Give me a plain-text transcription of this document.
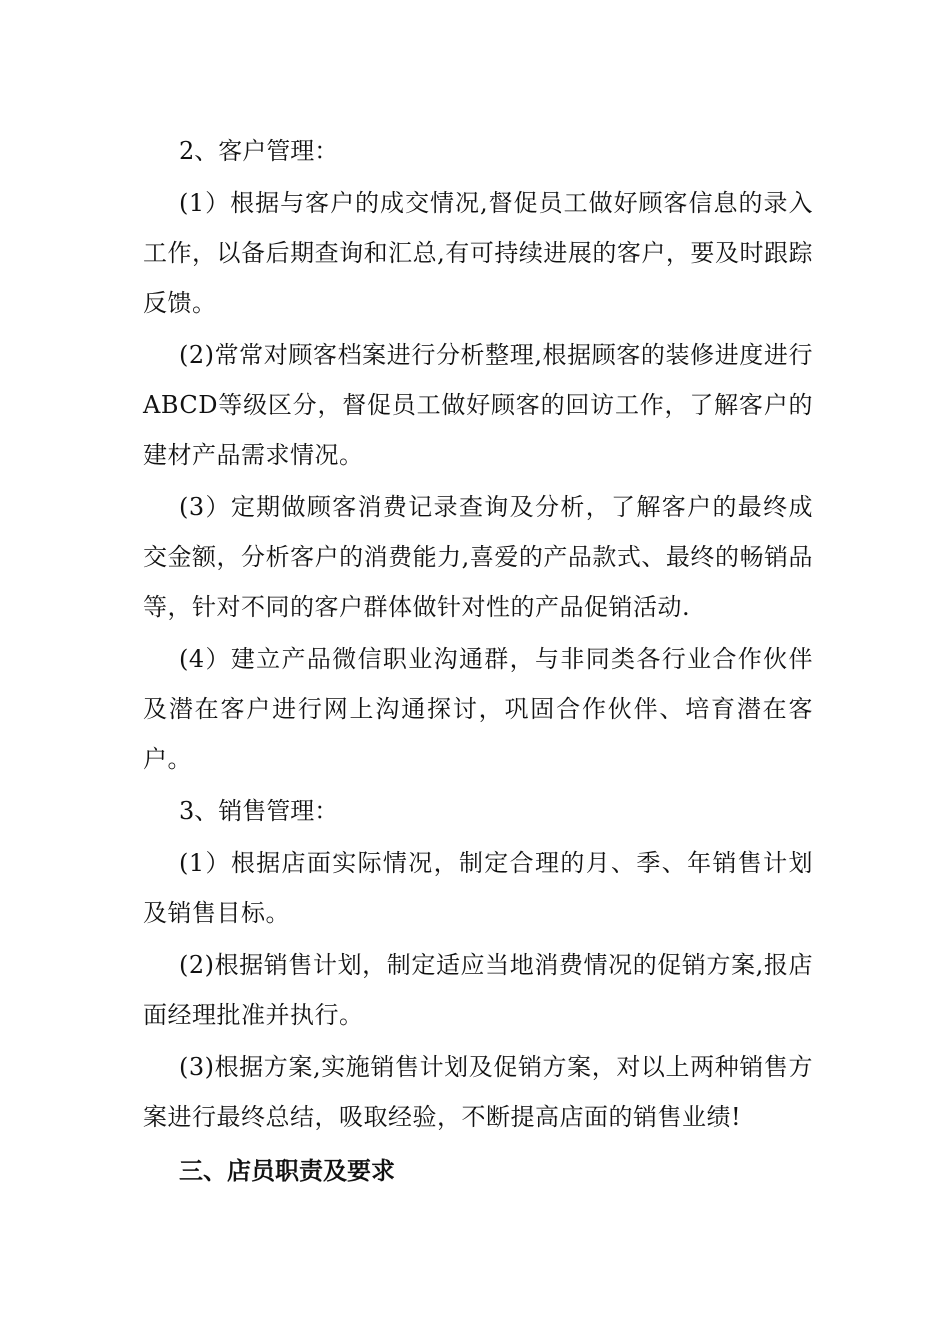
2、客户管理：

(1）根据与客户的成交情况,督促员工做好顾客信息的录入工作，以备后期查询和汇总,有可持续进展的客户，要及时跟踪反馈。

(2)常常对顾客档案进行分析整理,根据顾客的装修进度进行ABCD等级区分，督促员工做好顾客的回访工作，了解客户的建材产品需求情况。

(3）定期做顾客消费记录查询及分析，了解客户的最终成交金额，分析客户的消费能力,喜爱的产品款式、最终的畅销品等，针对不同的客户群体做针对性的产品促销活动.

(4）建立产品微信职业沟通群，与非同类各行业合作伙伴及潜在客户进行网上沟通探讨，巩固合作伙伴、培育潜在客户。

3、销售管理：

(1）根据店面实际情况，制定合理的月、季、年销售计划及销售目标。

(2)根据销售计划，制定适应当地消费情况的促销方案,报店面经理批准并执行。

(3)根据方案,实施销售计划及促销方案，对以上两种销售方案进行最终总结，吸取经验，不断提高店面的销售业绩!

三、店员职责及要求
